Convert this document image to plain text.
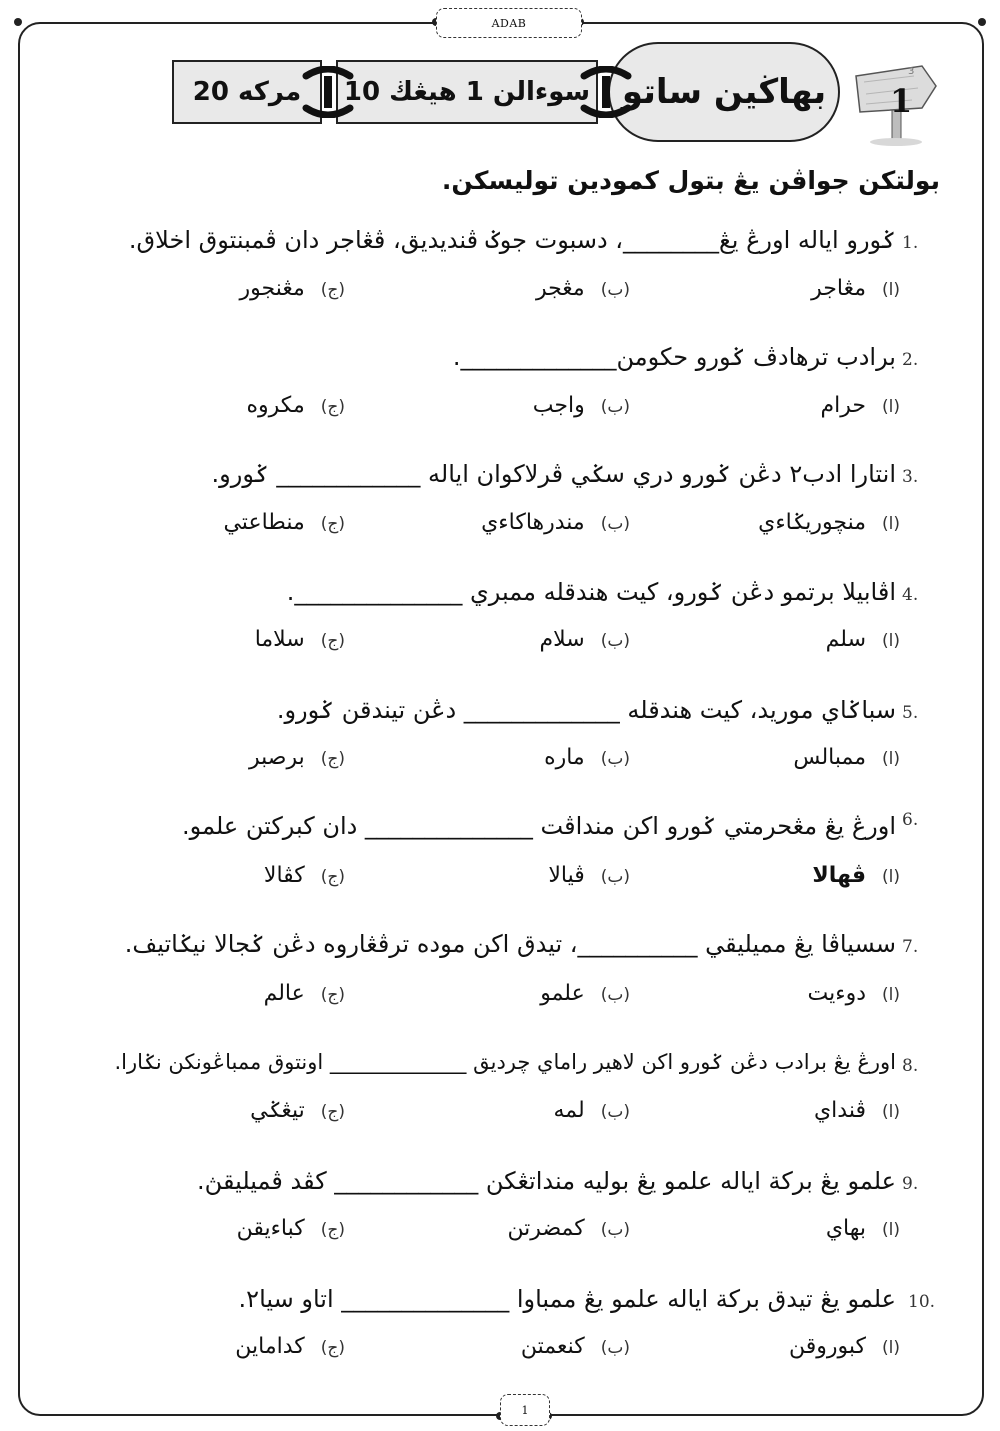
ADAB
1
20 مرکه سوءالن 1 هيڠڬ 10 بهاڬين ساتو
3
1
بولتکن جواڤن يڠ بتول کمودين توليسکن.
1.
ݢورو اياله اورڠ يڠ________، دسبوت جوݢ ڤنديديق، ڤڠاجر دان ڤمبنتوق اخلاق.
(ا)
مڠاجر
(ب)
مڠجر
(ج)
مڠنجور
2.
برادب ترهادڤ ݢورو حکومن_____________.
(ا)
حرام
(ب)
واجب
(ج)
مکروه
3.
انتارا ادب٢ دڠن ݢورو دري سݢي ڤرلاکوان اياله ____________ ݢورو.
(ا)
منچوريݢاءي
(ب)
مندرهاکاءي
(ج)
منطاعتي
4.
اڤابيلا برتمو دڠن ݢورو، کيت هندقله ممبري ______________.
(ا)
سلم
(ب)
سلام
(ج)
سلاما
5.
سباݢاي موريد، کيت هندقله _____________ دڠن تيندقن ݢورو.
(ا)
ممبالس
(ب)
ماره
(ج)
برصبر
6.
اورڠ يڠ مڠحرمتي ݢورو اکن منداڤت ______________ دان کبرکتن علمو.
(ا)
ڤهالا
(ب)
ڤيالا
(ج)
کڤالا
7.
سسياڤا يڠ مميليقي __________، تيدق اکن موده ترڤڠاروه دڠن ݢجالا نيݢاتيف.
(ا)
دوءيت
(ب)
علمو
(ج)
عالم
8.
اورڠ يڠ برادب دڠن ݢورو اکن لاهير راماي چرديق _____________ اونتوق ممباڠونکن نݢارا.
(ا)
ڤنداي
(ب)
لمه
(ج)
تيڠݢي
9.
علمو يڠ برکة اياله علمو يڠ بوليه منداتڠکن ____________ کڤد ڤميليقڽ.
(ا)
بهاي
(ب)
کمضرتن
(ج)
کباءيقن
10.
علمو يڠ تيدق برکة اياله علمو يڠ ممباوا ______________ اتاو سيا٢.
(ا)
کبوروقن
(ب)
کنعمتن
(ج)
کداماين
